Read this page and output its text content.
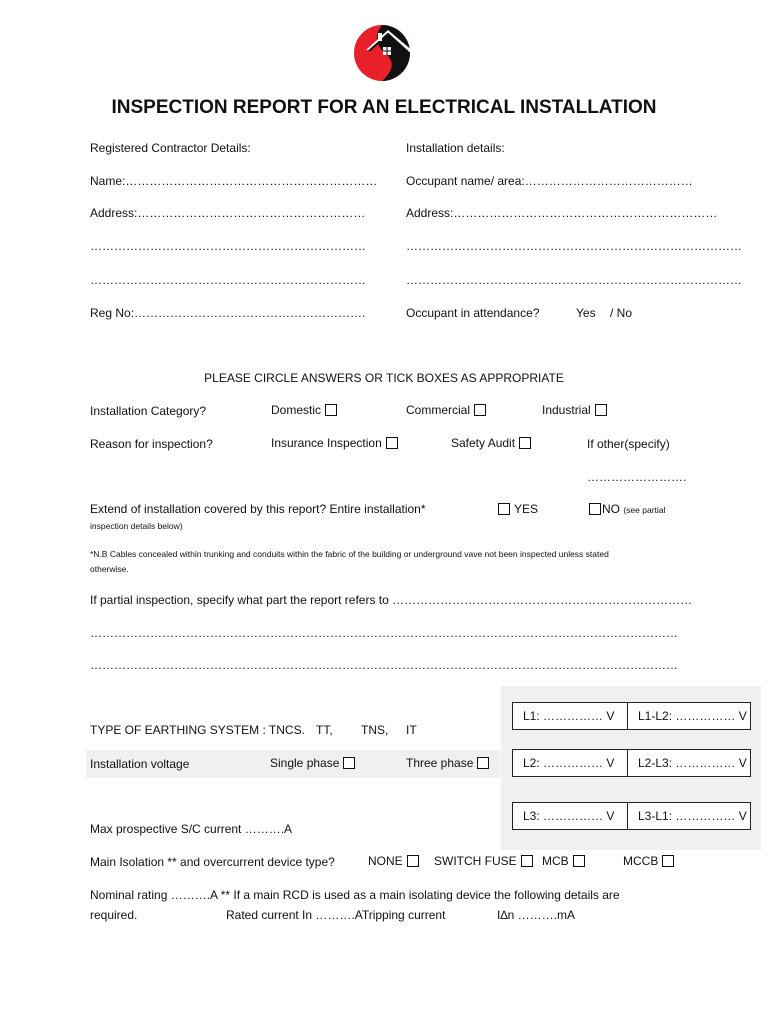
INSPECTION REPORT FOR AN ELECTRICAL INSTALLATION
Registered Contractor Details:
Name:………………………………………………………
Address:…………………………………………………
……………………………………………………………
……………………………………………………………
Reg No:………………………………………………….
Installation details:
Occupant name/ area:……………………………………
Address:…………………………………………………………
…………………………………………………………………………
…………………………………………………………………………
Occupant in attendance?	Yes / No
PLEASE CIRCLE ANSWERS OR TICK BOXES AS APPROPRIATE
Installation Category?	Domestic	Commercial	Industrial
Reason for inspection?	Insurance Inspection	Safety Audit	If other(specify)
…………………….
Extend of installation covered by this report? Entire installation*	YES	NO (see partial
inspection details below)
*N.B Cables concealed within trunking and conduits within the fabric of the building or underground vave not been inspected unless stated
otherwise.
If partial inspection, specify what part the report refers to …………………………………………………………………
…………………………………………………………………………………………………………………………………
…………………………………………………………………………………………………………………………………
L1: …………… V	L1-L2: …………… V
L2: …………… V	L2-L3: …………… V
L3: …………… V	L3-L1: …………… V
TYPE OF EARTHING SYSTEM : TNCS. TT, TNS, IT
Installation voltage	Single phase	Three phase
Max prospective S/C current ……….A
Main Isolation ** and overcurrent device type?	NONE	SWITCH FUSE	MCB	MCCB
Nominal rating ……….A ** If a main RCD is used as a main isolating device the following details are
required.	Rated current In ……….ATripping current	I∆n ……….mA
